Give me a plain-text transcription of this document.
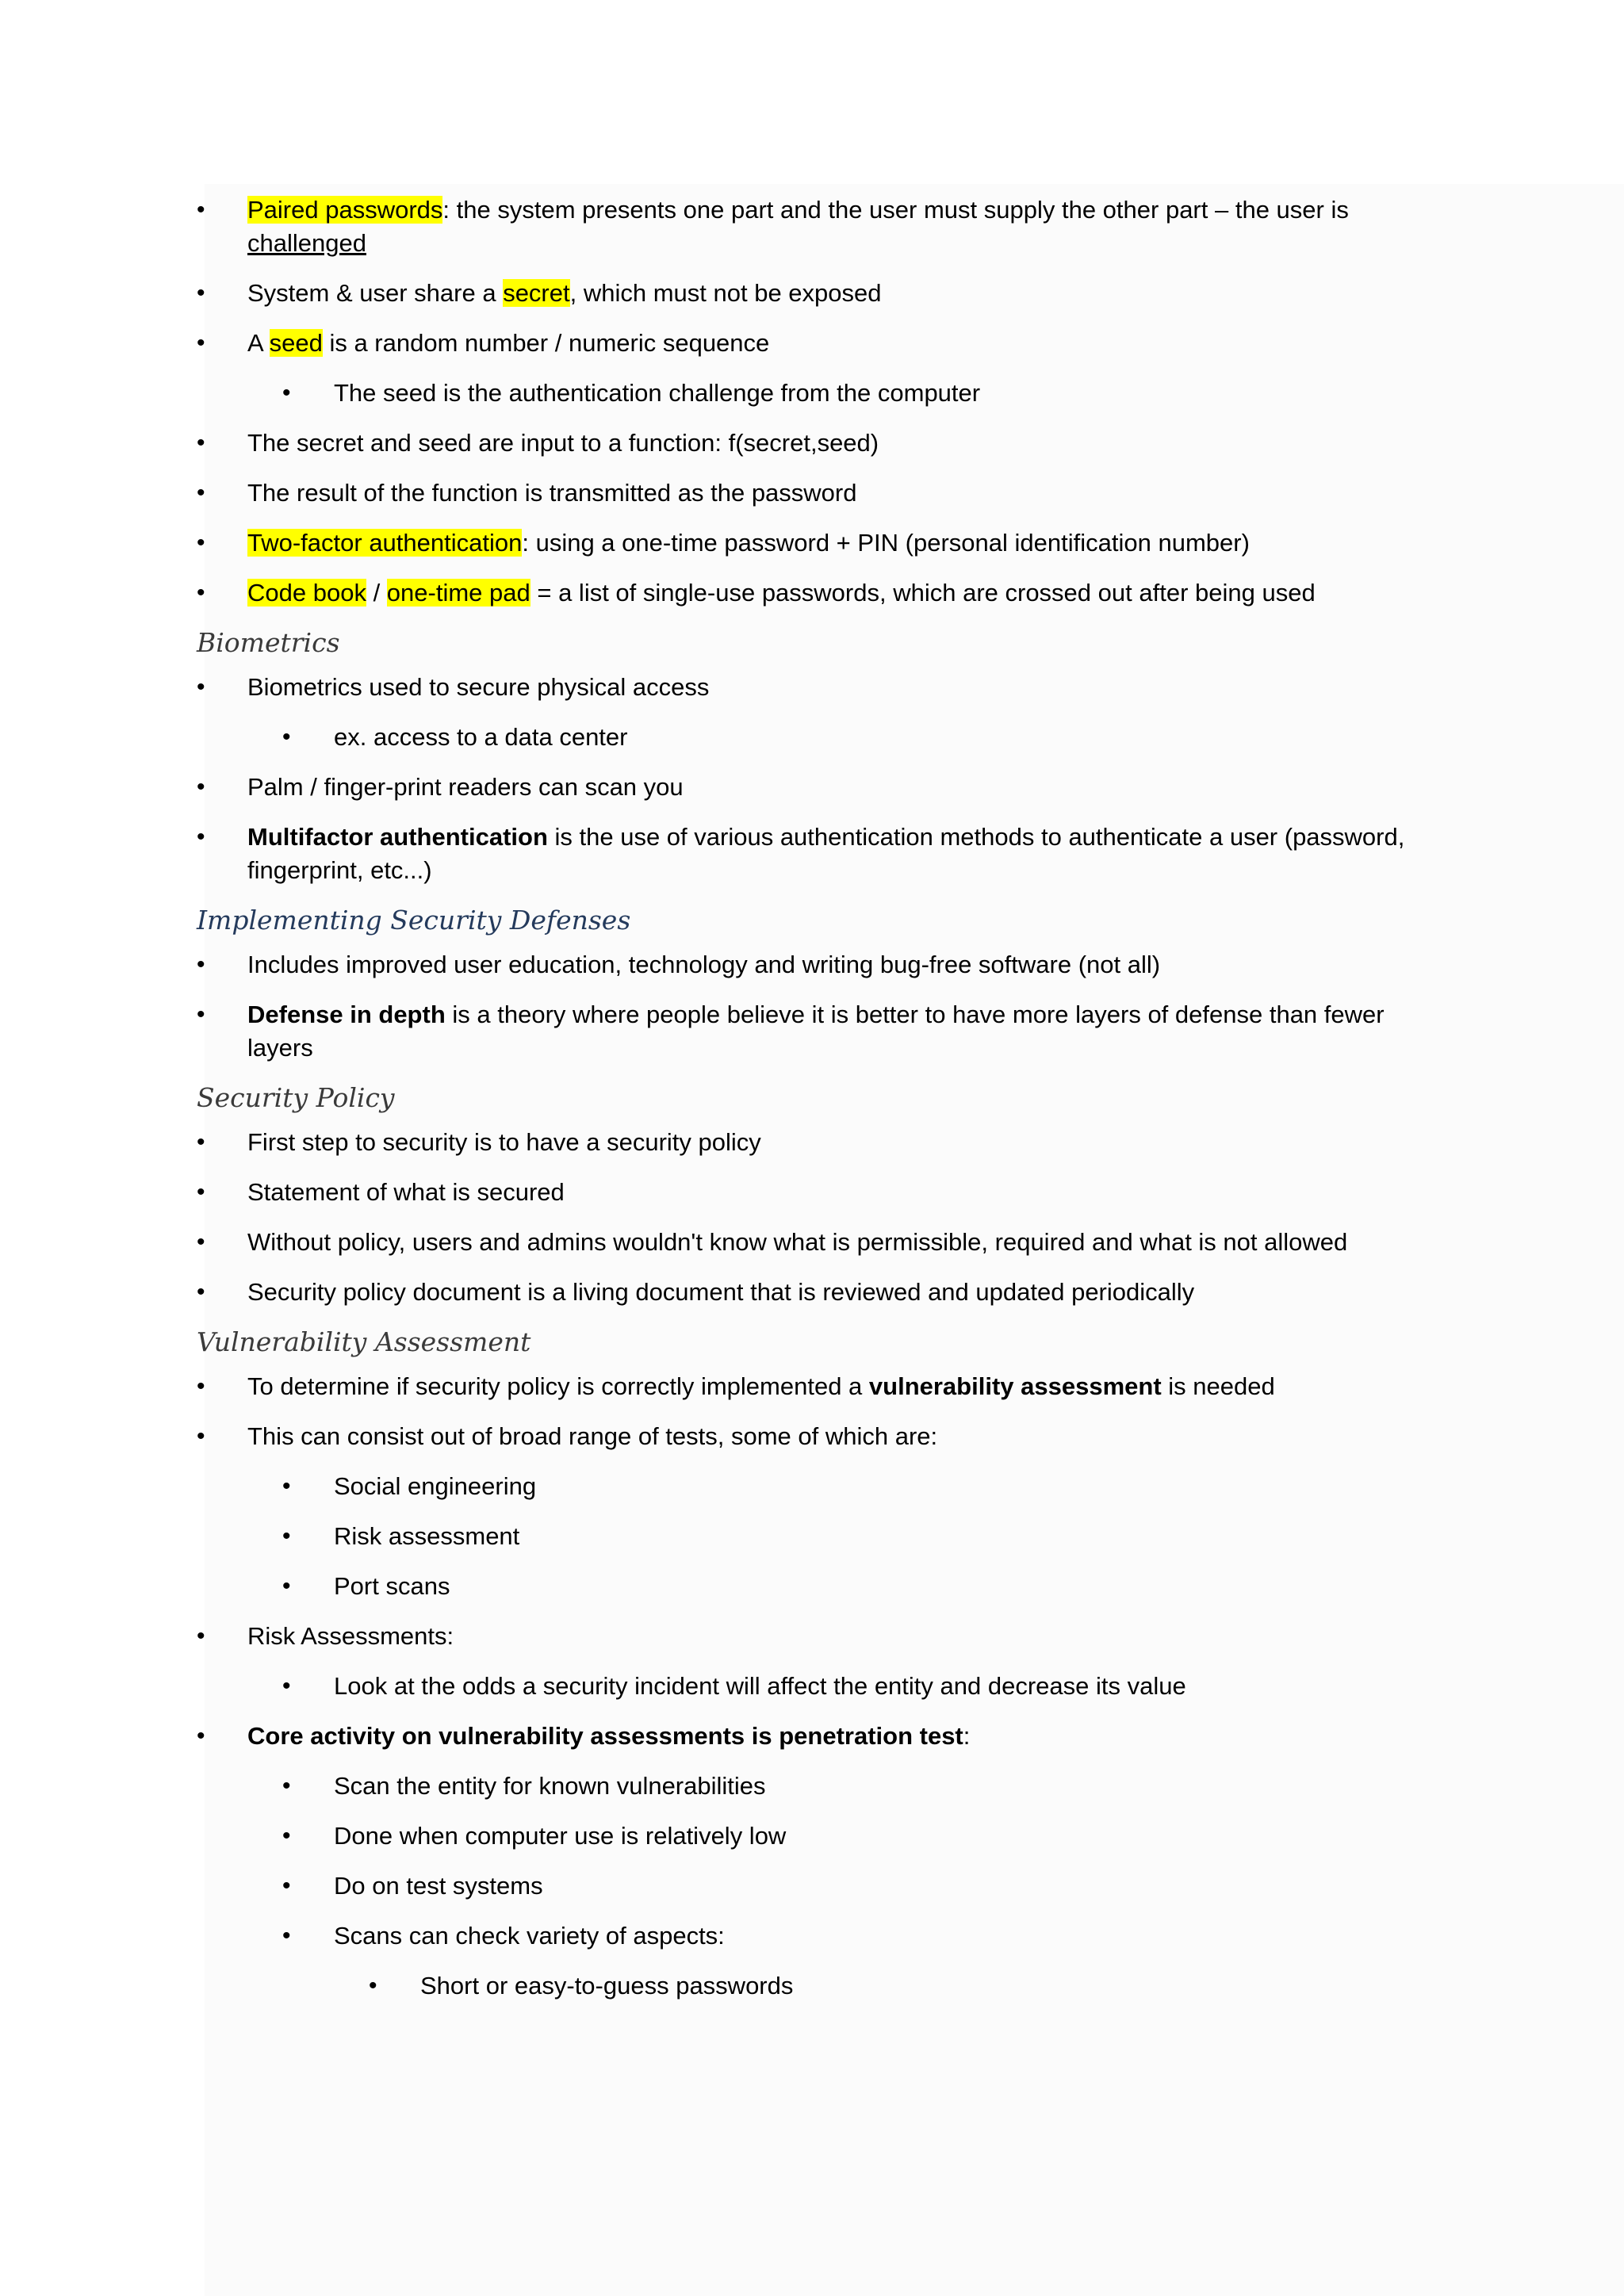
• Paired passwords: the system presents one part and the user must supply the other part – the user is challenged
• System & user share a secret, which must not be exposed
• A seed is a random number / numeric sequence
• The seed is the authentication challenge from the computer
• The secret and seed are input to a function: f(secret,seed)
• The result of the function is transmitted as the password
• Two-factor authentication: using a one-time password + PIN (personal identification number)
• Code book / one-time pad = a list of single-use passwords, which are crossed out after being used
Biometrics
• Biometrics used to secure physical access
• ex. access to a data center
• Palm / finger-print readers can scan you
• Multifactor authentication is the use of various authentication methods to authenticate a user (password, fingerprint, etc...)
Implementing Security Defenses
• Includes improved user education, technology and writing bug-free software (not all)
• Defense in depth is a theory where people believe it is better to have more layers of defense than fewer layers
Security Policy
• First step to security is to have a security policy
• Statement of what is secured
• Without policy, users and admins wouldn't know what is permissible, required and what is not allowed
• Security policy document is a living document that is reviewed and updated periodically
Vulnerability Assessment
• To determine if security policy is correctly implemented a vulnerability assessment is needed
• This can consist out of broad range of tests, some of which are:
• Social engineering
• Risk assessment
• Port scans
• Risk Assessments:
• Look at the odds a security incident will affect the entity and decrease its value
• Core activity on vulnerability assessments is penetration test:
• Scan the entity for known vulnerabilities
• Done when computer use is relatively low
• Do on test systems
• Scans can check variety of aspects:
• Short or easy-to-guess passwords
